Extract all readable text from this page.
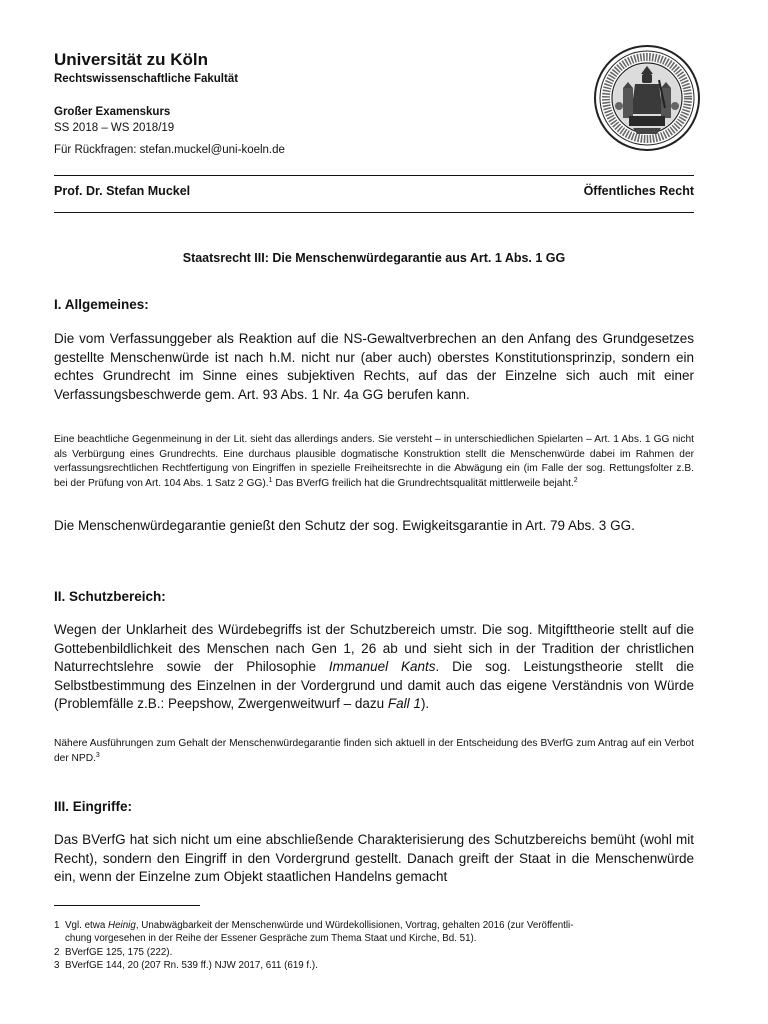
Universität zu Köln
Rechtswissenschaftliche Fakultät
Großer Examenskurs
SS 2018 – WS 2018/19
Für Rückfragen: stefan.muckel@uni-koeln.de
Prof. Dr. Stefan Muckel	Öffentliches Recht
Staatsrecht III: Die Menschenwürdegarantie aus Art. 1 Abs. 1 GG
I. Allgemeines:

Die vom Verfassunggeber als Reaktion auf die NS-Gewaltverbrechen an den Anfang des Grundgesetzes gestellte Menschenwürde ist nach h.M. nicht nur (aber auch) oberstes Konstitutionsprinzip, sondern ein echtes Grundrecht im Sinne eines subjektiven Rechts, auf das der Einzelne sich auch mit einer Verfassungsbeschwerde gem. Art. 93 Abs. 1 Nr. 4a GG berufen kann.

Eine beachtliche Gegenmeinung in der Lit. sieht das allerdings anders. Sie versteht – in unterschiedlichen Spielarten – Art. 1 Abs. 1 GG nicht als Verbürgung eines Grundrechts. Eine durchaus plausible dogmatische Konstruktion stellt die Menschenwürde dabei im Rahmen der verfassungsrechtlichen Rechtfertigung von Eingriffen in spezielle Freiheitsrechte in die Abwägung ein (im Falle der sog. Rettungsfolter z.B. bei der Prüfung von Art. 104 Abs. 1 Satz 2 GG).$^1$ Das BVerfG freilich hat die Grundrechtsqualität mittlerweile bejaht.$^2$

Die Menschenwürdegarantie genießt den Schutz der sog. Ewigkeitsgarantie in Art. 79 Abs. 3 GG.

II. Schutzbereich:

Wegen der Unklarheit des Würdebegriffs ist der Schutzbereich umstr. Die sog. Mitgifttheorie stellt auf die Gottebenbildlichkeit des Menschen nach Gen 1, 26 ab und sieht sich in der Tradition der christlichen Naturrechtslehre sowie der Philosophie Immanuel Kants. Die sog. Leistungstheorie stellt die Selbstbestimmung des Einzelnen in der Vordergrund und damit auch das eigene Verständnis von Würde (Problemfälle z.B.: Peepshow, Zwergenweitwurf – dazu Fall 1).

Nähere Ausführungen zum Gehalt der Menschenwürdegarantie finden sich aktuell in der Entscheidung des BVerfG zum Antrag auf ein Verbot der NPD.$^3$

III. Eingriffe:

Das BVerfG hat sich nicht um eine abschließende Charakterisierung des Schutzbereichs bemüht (wohl mit Recht), sondern den Eingriff in den Vordergrund gestellt. Danach greift der Staat in die Menschenwürde ein, wenn der Einzelne zum Objekt staatlichen Handelns gemacht

1 Vgl. etwa Heinig, Unabwägbarkeit der Menschenwürde und Würdekollisionen, Vortrag, gehalten 2016 (zur Veröffentli-
chung vorgesehen in der Reihe der Essener Gespräche zum Thema Staat und Kirche, Bd. 51).

2 BVerfGE 125, 175 (222).

3 BVerfGE 144, 20 (207 Rn. 539 ff.) NJW 2017, 611 (619 f.).
